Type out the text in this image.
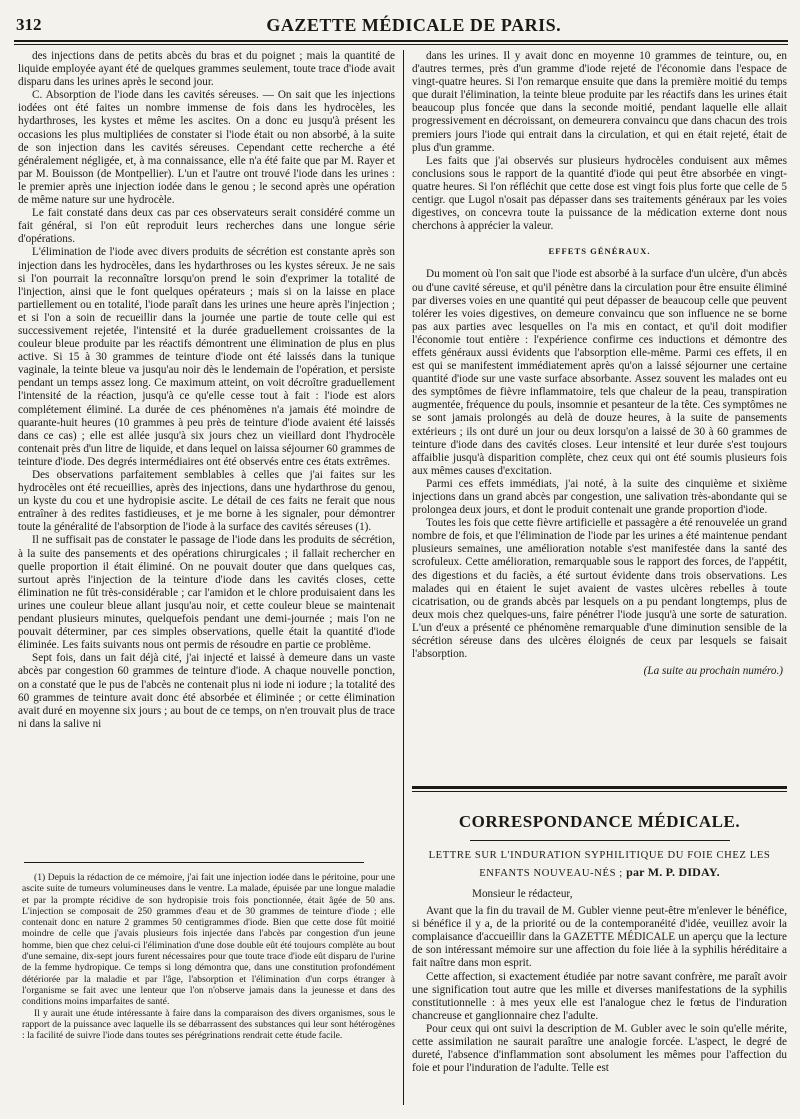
312	GAZETTE MÉDICALE DE PARIS.

des injections dans de petits abcès du bras et du poignet ; mais la quantité de liquide employée ayant été de quelques grammes seulement, toute trace d'iode avait disparu dans les urines après le second jour.

C. Absorption de l'iode dans les cavités séreuses. — On sait que les injections iodées ont été faites un nombre immense de fois dans les hydrocèles, les hydarthroses, les kystes et même les ascites. On a donc eu jusqu'à présent les occasions les plus multipliées de constater si l'iode était ou non absorbé, à la suite de son injection dans les cavités séreuses. Cependant cette recherche a été généralement négligée, et, à ma connaissance, elle n'a été faite que par M. Rayer et par M. Bouisson (de Montpellier). L'un et l'autre ont trouvé l'iode dans les urines : le premier après une injection iodée dans le genou ; le second après une opération de même nature sur une hydrocèle.

Le fait constaté dans deux cas par ces observateurs serait considéré comme un fait général, si l'on eût reproduit leurs recherches dans une longue série d'opérations.

L'élimination de l'iode avec divers produits de sécrétion est constante après son injection dans les hydrocèles, dans les hydarthroses ou les kystes séreux. Je ne sais si l'on pourrait la reconnaître lorsqu'on prend le soin d'exprimer la totalité de l'injection, ainsi que le font quelques opérateurs ; mais si on la laisse en place partiellement ou en totalité, l'iode paraît dans les urines une heure après l'injection ; et si l'on a soin de recueillir dans la journée une partie de toute celle qui est successivement rejetée, l'intensité et la durée graduellement croissantes de la couleur bleue produite par les réactifs démontrent une élimination de plus en plus active. Si 15 à 30 grammes de teinture d'iode ont été laissés dans la tunique vaginale, la teinte bleue va jusqu'au noir dès le lendemain de l'opération, et persiste pendant un temps assez long. Ce maximum atteint, on voit décroître graduellement l'intensité de la réaction, jusqu'à ce qu'elle cesse tout à fait : l'iode est alors complétement éliminé. La durée de ces phénomènes n'a jamais été moindre de quarante-huit heures (10 grammes à peu près de teinture d'iode avaient été laissés dans ce cas) ; elle est allée jusqu'à six jours chez un vieillard dont l'hydrocèle contenait près d'un litre de liquide, et dans lequel on laissa séjourner 60 grammes de teinture d'iode. Des degrés intermédiaires ont été observés entre ces états extrêmes.

Des observations parfaitement semblables à celles que j'ai faites sur les hydrocèles ont été recueillies, après des injections, dans une hydarthrose du genou, un kyste du cou et une hydropisie ascite. Le détail de ces faits ne ferait que nous entraîner à des redites fastidieuses, et je me borne à les signaler, pour démontrer toute la généralité de l'absorption de l'iode à la surface des cavités séreuses (1).

Il ne suffisait pas de constater le passage de l'iode dans les produits de sécrétion, à la suite des pansements et des opérations chirurgicales ; il fallait rechercher en quelle proportion il était éliminé. On ne pouvait douter que dans quelques cas, surtout après l'injection de la teinture d'iode dans les cavités closes, cette élimination ne fût très-considérable ; car l'amidon et le chlore produisaient dans les urines une couleur bleue allant jusqu'au noir, et cette couleur bleue se maintenait pendant plusieurs minutes, quelquefois pendant une demi-journée ; mais l'on ne pouvait déterminer, par ces simples observations, quelle était la quantité d'iode éliminée. Les faits suivants nous ont permis de résoudre en partie ce problème.

Sept fois, dans un fait déjà cité, j'ai injecté et laissé à demeure dans un vaste abcès par congestion 60 grammes de teinture d'iode. A chaque nouvelle ponction, on a constaté que le pus de l'abcès ne contenait plus ni iode ni iodure ; la totalité des 60 grammes de teinture avait donc été absorbée et éliminée ; or cette élimination avait duré en moyenne six jours ; au bout de ce temps, on n'en trouvait plus de trace ni dans la salive ni

(1) Depuis la rédaction de ce mémoire, j'ai fait une injection iodée dans le péritoine, pour une ascite suite de tumeurs volumineuses dans le ventre. La malade, épuisée par une longue maladie et par la prompte récidive de son hydropisie trois fois ponctionnée, était âgée de 50 ans. L'injection se composait de 250 grammes d'eau et de 30 grammes de teinture d'iode ; elle contenait donc en nature 2 grammes 50 centigrammes d'iode. Bien que cette dose fût moitié moindre de celle que j'avais plusieurs fois injectée dans l'abcès par congestion d'un jeune homme, bien que chez celui-ci l'élimination d'une dose double eût été toujours complète au bout d'une semaine, dix-sept jours furent nécessaires pour que toute trace d'iode eût disparu de l'urine de la femme hydropique. Ce temps si long démontra que, dans une constitution profondément détériorée par la maladie et par l'âge, l'absorption et l'élimination d'un corps étranger à l'organisme se fait avec une lenteur que l'on n'observe jamais dans la jeunesse et dans des conditions moins imparfaites de santé.

Il y aurait une étude intéressante à faire dans la comparaison des divers organismes, sous le rapport de la puissance avec laquelle ils se débarrassent des substances qui leur sont hétérogènes : la facilité de suivre l'iode dans toutes ses pérégrinations rendrait cette étude facile.

dans les urines. Il y avait donc en moyenne 10 grammes de teinture, ou, en d'autres termes, près d'un gramme d'iode rejeté de l'économie dans l'espace de vingt-quatre heures. Si l'on remarque ensuite que dans la première moitié du temps que durait l'élimination, la teinte bleue produite par les réactifs dans les urines était beaucoup plus foncée que dans la seconde moitié, pendant laquelle elle allait progressivement en décroissant, on demeurera convaincu que dans chacun des trois premiers jours l'iode qui entrait dans la circulation, et qui en était rejeté, était de plus d'un gramme.

Les faits que j'ai observés sur plusieurs hydrocèles conduisent aux mêmes conclusions sous le rapport de la quantité d'iode qui peut être absorbée en vingt-quatre heures. Si l'on réfléchit que cette dose est vingt fois plus forte que celle de 5 centigr. que Lugol n'osait pas dépasser dans ses traitements généraux par les voies digestives, on concevra toute la puissance de la médication externe dont nous cherchons à apprécier la valeur.

EFFETS GÉNÉRAUX.

Du moment où l'on sait que l'iode est absorbé à la surface d'un ulcère, d'un abcès ou d'une cavité séreuse, et qu'il pénètre dans la circulation pour être ensuite éliminé par diverses voies en une quantité qui peut dépasser de beaucoup celle que peuvent tolérer les voies digestives, on demeure convaincu que son influence ne se borne pas aux parties avec lesquelles on l'a mis en contact, et qu'il doit modifier l'économie tout entière : l'expérience confirme ces inductions et démontre des effets généraux aussi évidents que l'absorption elle-même. Parmi ces effets, il en est qui se manifestent immédiatement après qu'on a laissé séjourner une certaine quantité d'iode sur une vaste surface absorbante. Assez souvent les malades ont eu des symptômes de fièvre inflammatoire, tels que chaleur de la peau, transpiration augmentée, fréquence du pouls, insomnie et pesanteur de la tête. Ces symptômes ne se sont jamais prolongés au delà de douze heures, à la suite de pansements extérieurs ; ils ont duré un jour ou deux lorsqu'on a laissé de 30 à 60 grammes de teinture d'iode dans des cavités closes. Leur intensité et leur durée s'est toujours affaiblie jusqu'à disparition complète, chez ceux qui ont été soumis plusieurs fois aux mêmes causes d'excitation.

Parmi ces effets immédiats, j'ai noté, à la suite des cinquième et sixième injections dans un grand abcès par congestion, une salivation très-abondante qui se prolongea deux jours, et dont le produit contenait une grande proportion d'iode.

Toutes les fois que cette fièvre artificielle et passagère a été renouvelée un grand nombre de fois, et que l'élimination de l'iode par les urines a été maintenue pendant plusieurs semaines, une amélioration notable s'est manifestée dans la santé des scrofuleux. Cette amélioration, remarquable sous le rapport des forces, de l'appétit, des digestions et du faciès, a été surtout évidente dans trois observations. Les malades qui en étaient le sujet avaient de vastes ulcères rebelles à toute cicatrisation, ou de grands abcès par lesquels on a pu pendant longtemps, plus de deux mois chez quelques-uns, faire pénétrer l'iode jusqu'à une sorte de saturation. L'un d'eux a présenté ce phénomène remarquable d'une diminution sensible de la sécrétion séreuse dans des ulcères éloignés de ceux par lesquels se faisait l'absorption.

(La suite au prochain numéro.)
CORRESPONDANCE MÉDICALE.
LETTRE SUR L'INDURATION SYPHILITIQUE DU FOIE CHEZ LES ENFANTS NOUVEAU-NÉS ; par M. P. DIDAY.

Monsieur le rédacteur,

Avant que la fin du travail de M. Gubler vienne peut-être m'enlever le bénéfice, si bénéfice il y a, de la priorité ou de la contemporanéité d'idée, veuillez avoir la complaisance d'accueillir dans la GAZETTE MÉDICALE un aperçu que la lecture de son intéressant mémoire sur une affection du foie liée à la syphilis héréditaire a fait naître dans mon esprit.

Cette affection, si exactement étudiée par notre savant confrère, me paraît avoir une signification tout autre que les mille et diverses manifestations de la syphilis constitutionnelle : à mes yeux elle est l'analogue chez le fœtus de l'induration chancreuse et ganglionnaire chez l'adulte.

Pour ceux qui ont suivi la description de M. Gubler avec le soin qu'elle mérite, cette assimilation ne saurait paraître une analogie forcée. L'aspect, le degré de dureté, l'absence d'inflammation sont absolument les mêmes pour l'affection du foie et pour l'induration de l'adulte. Telle est
